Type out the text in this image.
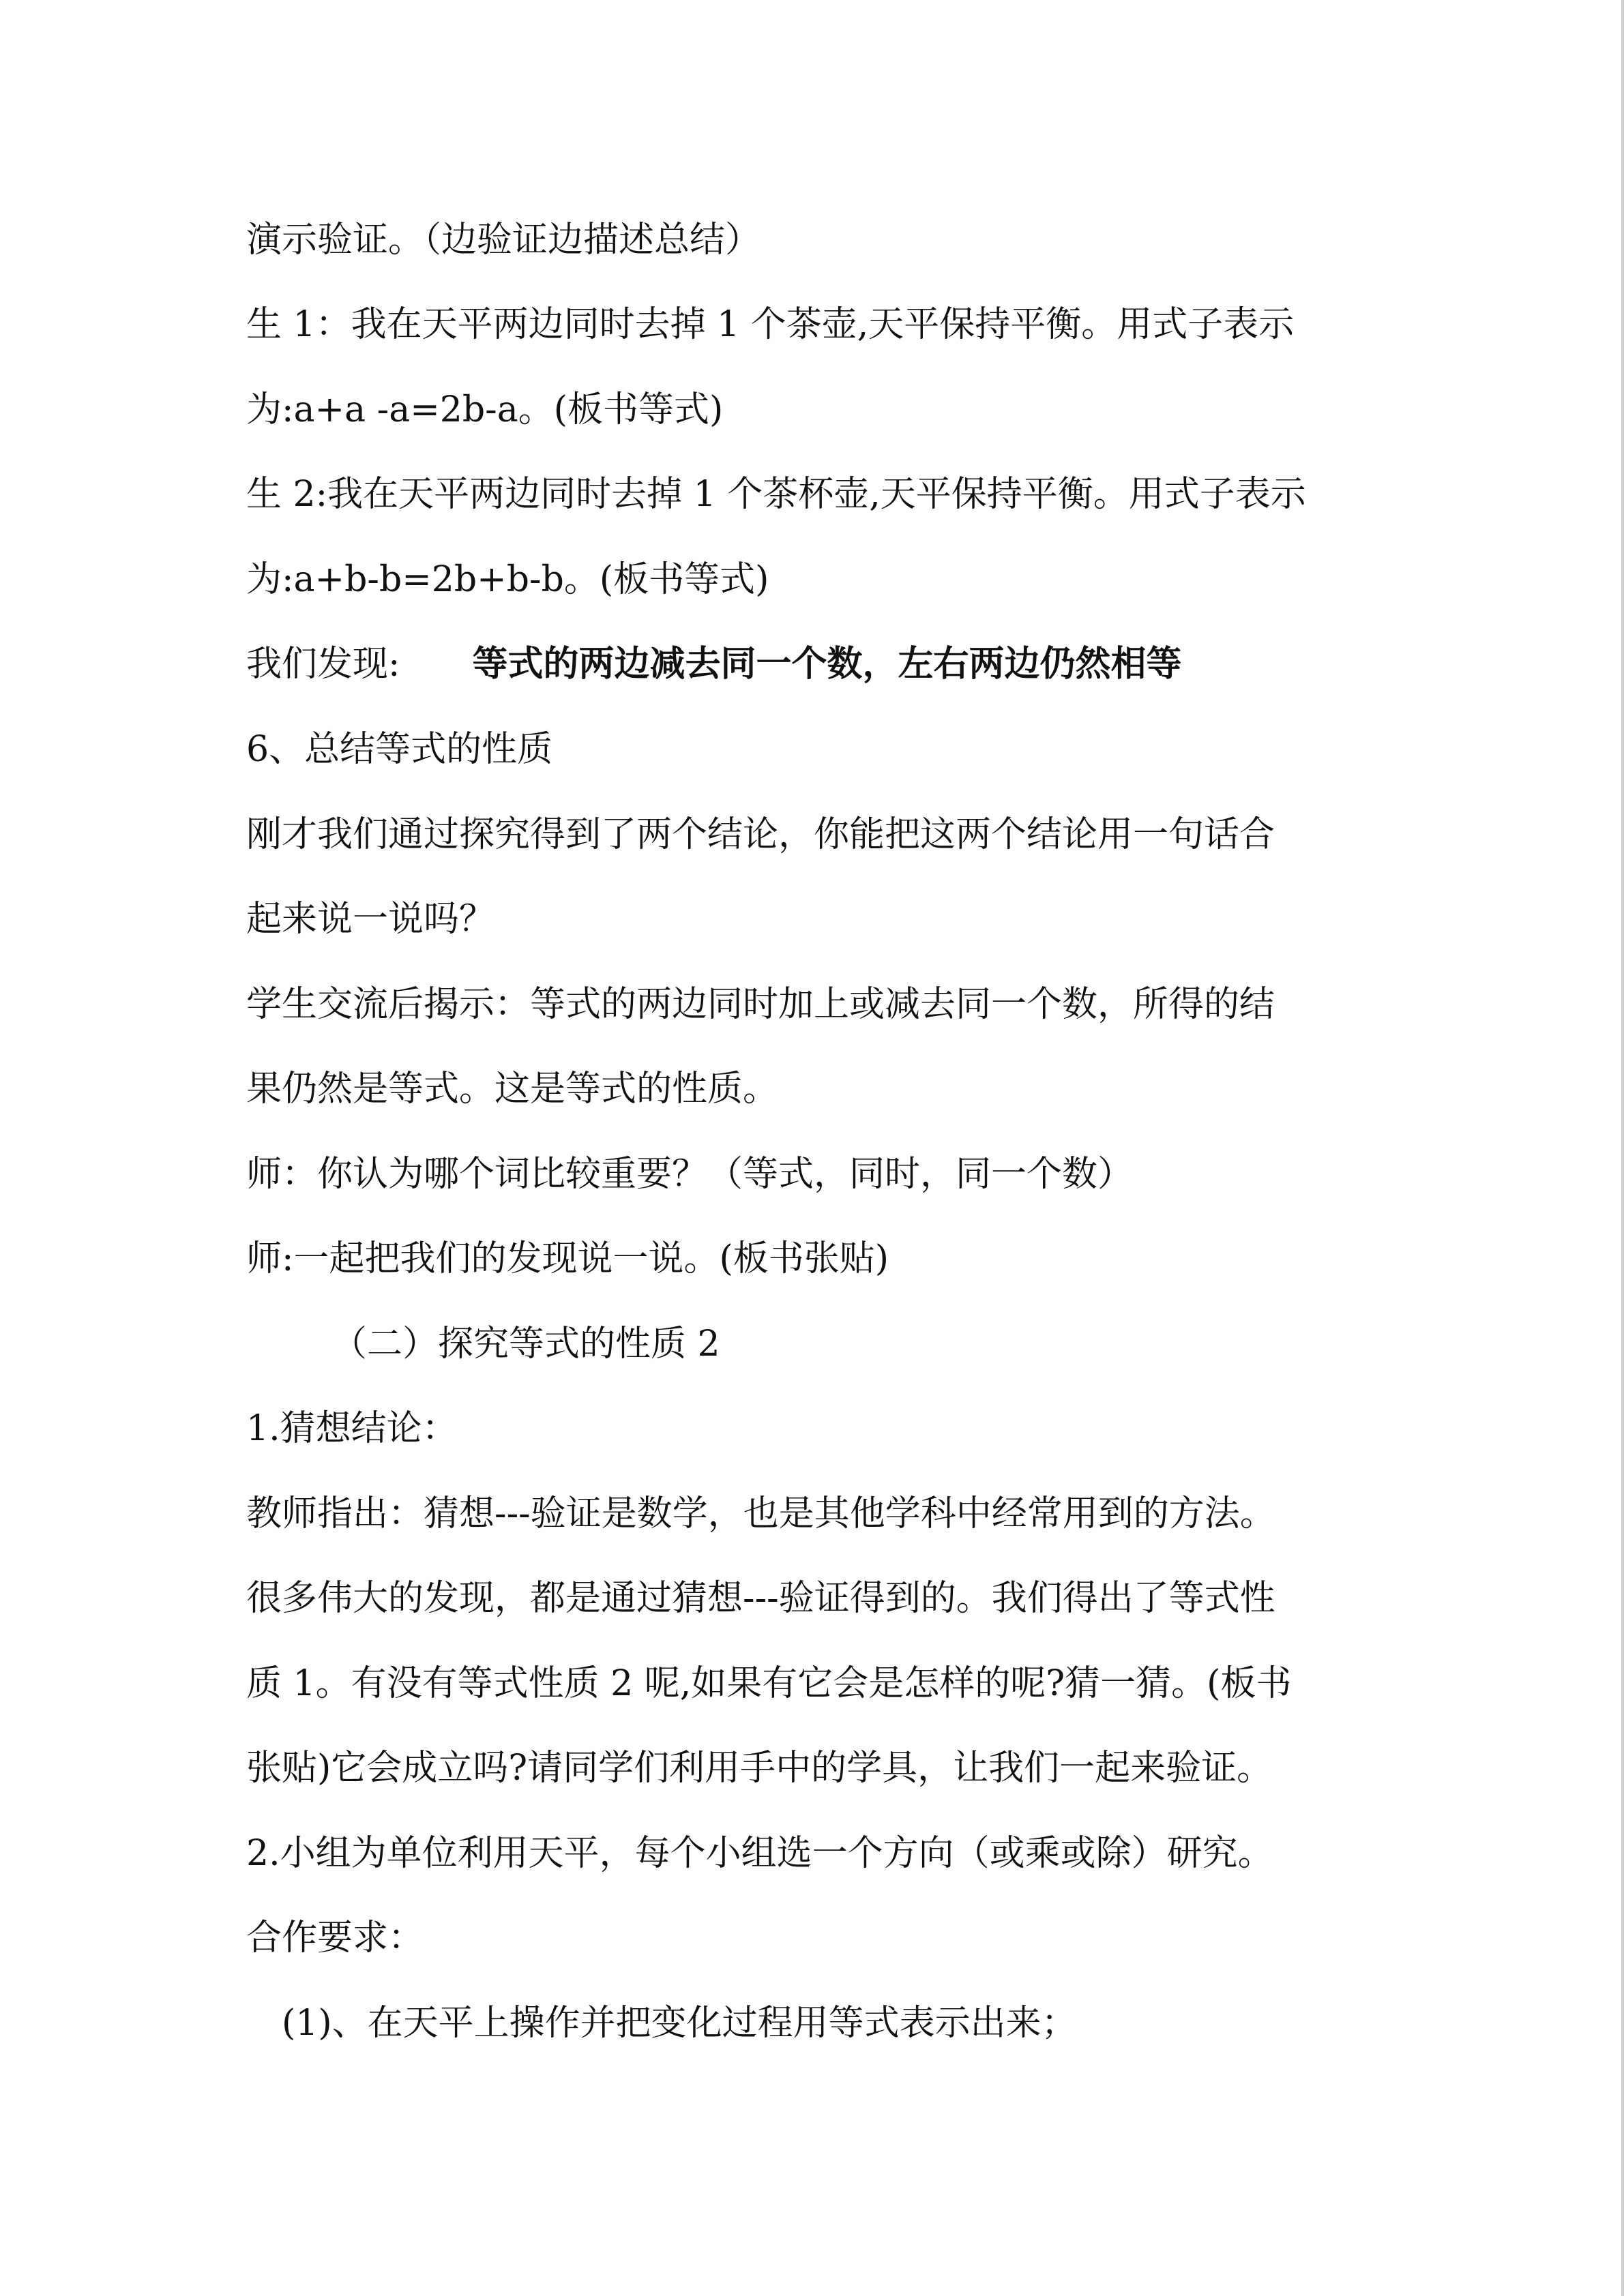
演示验证。（边验证边描述总结）
生 1：我在天平两边同时去掉 1 个茶壶,天平保持平衡。用式子表示
为:a+a -a=2b-a。(板书等式)
生 2:我在天平两边同时去掉 1 个茶杯壶,天平保持平衡。用式子表示
为:a+b-b=2b+b-b。(板书等式)
我们发现: 等式的两边减去同一个数，左右两边仍然相等
6、总结等式的性质
刚才我们通过探究得到了两个结论，你能把这两个结论用一句话合
起来说一说吗？
学生交流后揭示：等式的两边同时加上或减去同一个数，所得的结
果仍然是等式。这是等式的性质。
师：你认为哪个词比较重要？（等式，同时，同一个数）
师:一起把我们的发现说一说。(板书张贴)
（二）探究等式的性质 2
1.猜想结论：
教师指出：猜想---验证是数学，也是其他学科中经常用到的方法。
很多伟大的发现，都是通过猜想---验证得到的。我们得出了等式性
质 1。有没有等式性质 2 呢,如果有它会是怎样的呢?猜一猜。(板书
张贴)它会成立吗?请同学们利用手中的学具，让我们一起来验证。
2.小组为单位利用天平，每个小组选一个方向（或乘或除）研究。
合作要求：
(1)、在天平上操作并把变化过程用等式表示出来；
